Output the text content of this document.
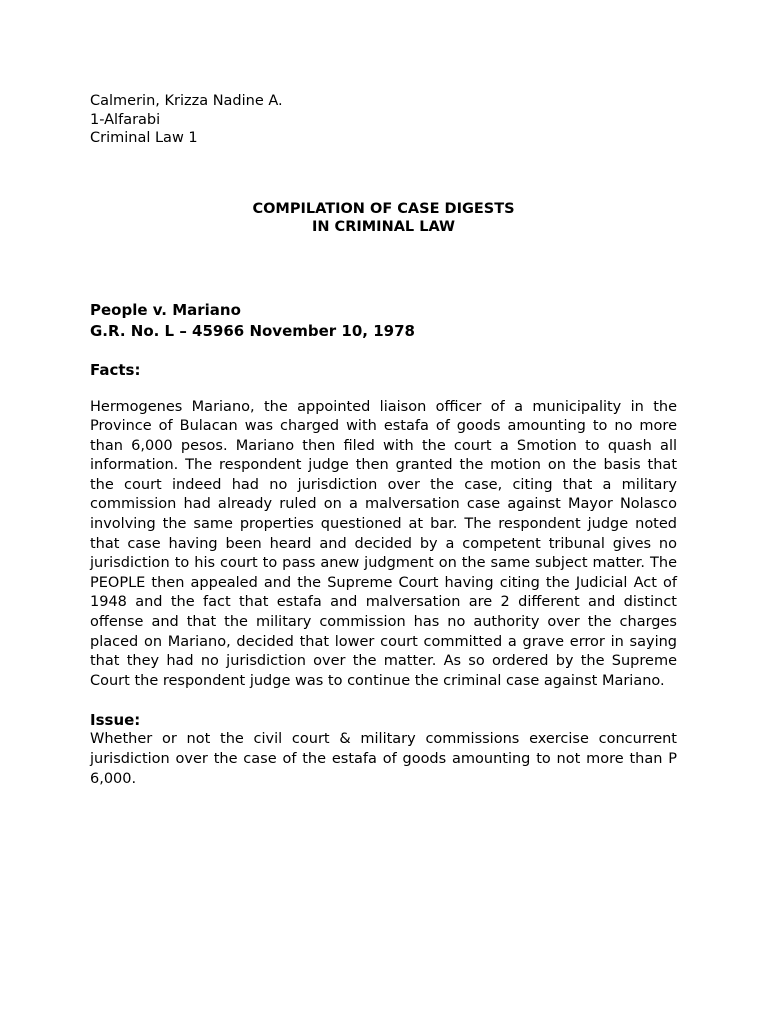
Calmerin, Krizza Nadine A.

1-Alfarabi

Criminal Law 1

COMPILATION OF CASE DIGESTS
IN CRIMINAL LAW
People v. Mariano
G.R. No. L – 45966 November 10, 1978
Facts:
Hermogenes Mariano, the appointed liaison officer of a municipality in the Province of Bulacan was charged with estafa of goods amounting to no more than 6,000 pesos. Mariano then filed with the court a Smotion to quash all information. The respondent judge then granted the motion on the basis that the court indeed had no jurisdiction over the case, citing that a military commission had already ruled on a malversation case against Mayor Nolasco involving the same properties questioned at bar. The respondent judge noted that case having been heard and decided by a competent tribunal gives no jurisdiction to his court to pass anew judgment on the same subject matter. The PEOPLE then appealed and the Supreme Court having citing the Judicial Act of 1948 and the fact that estafa and malversation are 2 different and distinct offense and that the military commission has no authority over the charges placed on Mariano, decided that lower court committed a grave error in saying that they had no jurisdiction over the matter. As so ordered by the Supreme Court the respondent judge was to continue the criminal case against Mariano.
Issue:
Whether or not the civil court & military commissions exercise concurrent jurisdiction over the case of the estafa of goods amounting to not more than P 6,000.
